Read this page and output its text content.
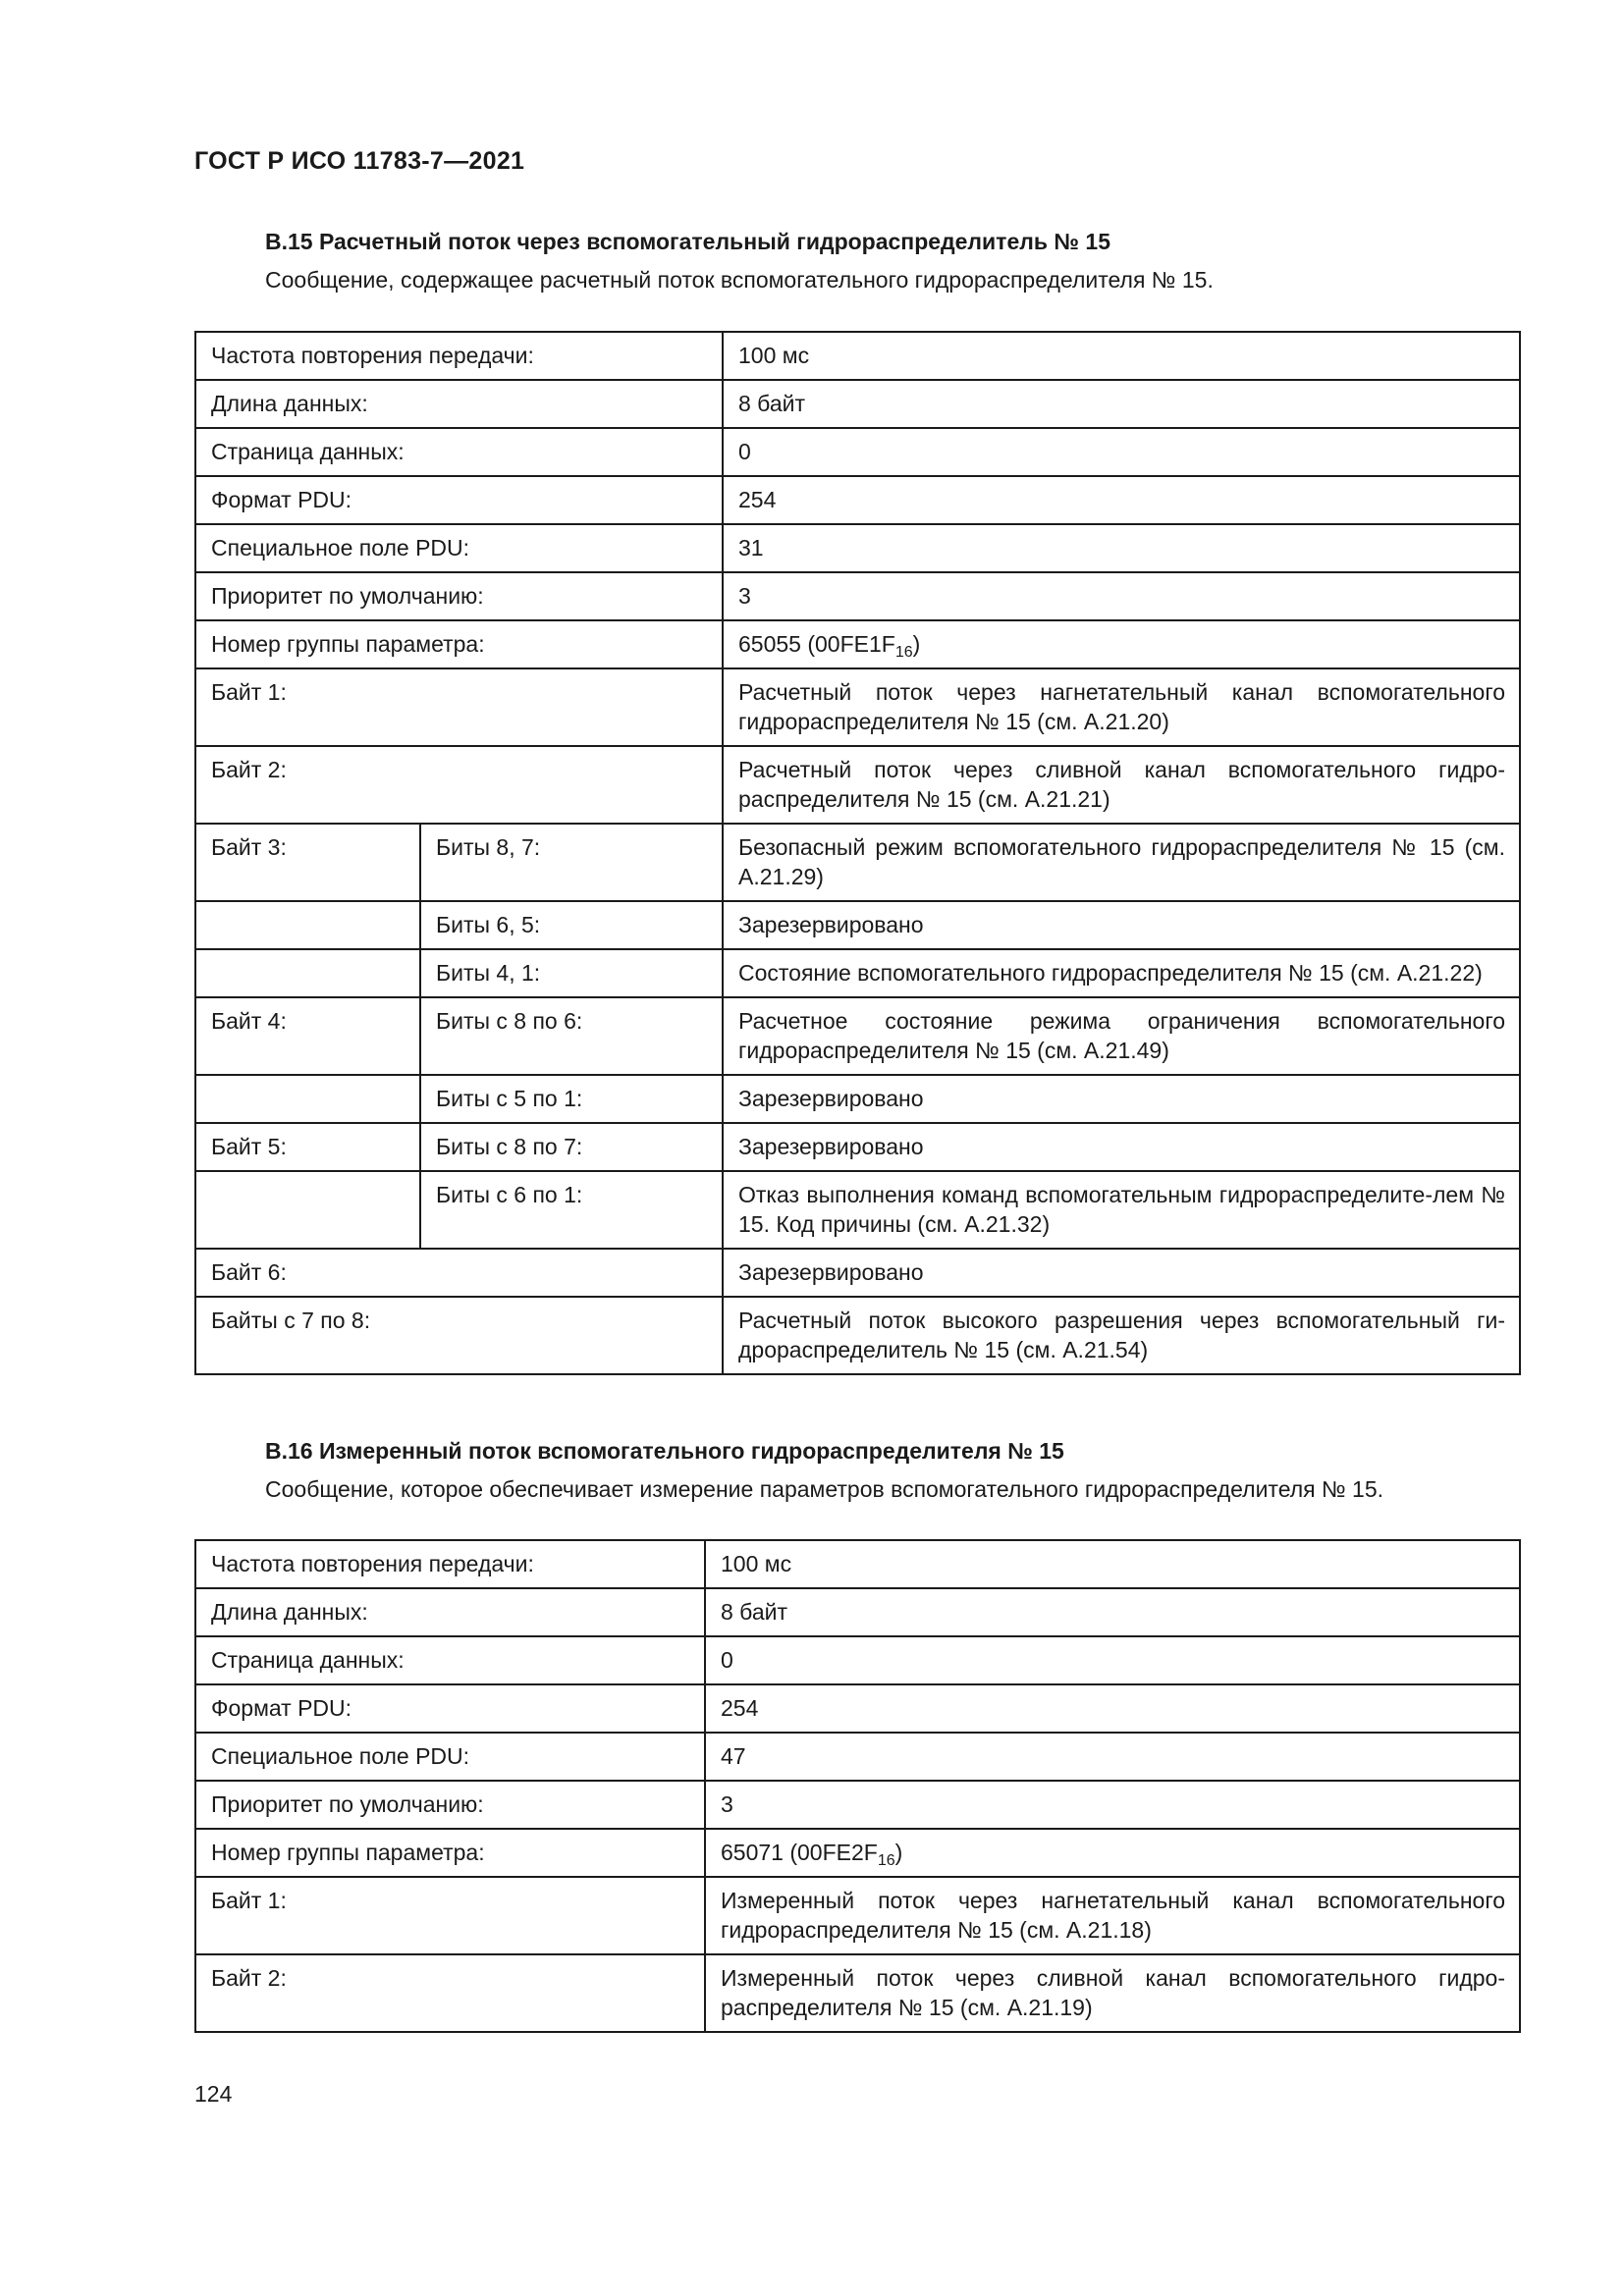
ГОСТ Р ИСО 11783-7—2021
В.15 Расчетный поток через вспомогательный гидрораспределитель № 15
Сообщение, содержащее расчетный поток вспомогательного гидрораспределителя № 15.
Частота повторения передачи:		100 мс
Длина данных:		8 байт
Страница данных:		0
Формат PDU:		254
Специальное поле PDU:		31
Приоритет по умолчанию:		3
Номер группы параметра:		65055 $(00FE1F_{16})$
Байт 1:		Расчетный поток через нагнетательный канал вспомогательного гидрораспределителя № 15 (см. А.21.20)
Байт 2:		Расчетный поток через сливной канал вспомогательного гидро-распределителя № 15 (см. А.21.21)
Байт 3:	Биты 8, 7:	Безопасный режим вспомогательного гидрораспределителя № 15 (см. А.21.29)
	Биты 6, 5:	Зарезервировано
	Биты 4, 1:	Состояние вспомогательного гидрораспределителя № 15 (см. А.21.22)
Байт 4:	Биты с 8 по 6:	Расчетное состояние режима ограничения вспомогательного гидрораспределителя № 15 (см. А.21.49)
	Биты с 5 по 1:	Зарезервировано
Байт 5:	Биты с 8 по 7:	Зарезервировано
	Биты с 6 по 1:	Отказ выполнения команд вспомогательным гидрораспределите-лем № 15. Код причины (см. А.21.32)
Байт 6:		Зарезервировано
Байты с 7 по 8:		Расчетный поток высокого разрешения через вспомогательный ги-дрораспределитель № 15 (см. А.21.54)
В.16 Измеренный поток вспомогательного гидрораспределителя № 15
Сообщение, которое обеспечивает измерение параметров вспомогательного гидрораспределителя № 15.
Частота повторения передачи:	100 мс
Длина данных:	8 байт
Страница данных:	0
Формат PDU:	254
Специальное поле PDU:	47
Приоритет по умолчанию:	3
Номер группы параметра:	65071 $(00FE2F_{16})$
Байт 1:	Измеренный поток через нагнетательный канал вспомогательного гидрораспределителя № 15 (см. А.21.18)
Байт 2:	Измеренный поток через сливной канал вспомогательного гидро-распределителя № 15 (см. А.21.19)
124
